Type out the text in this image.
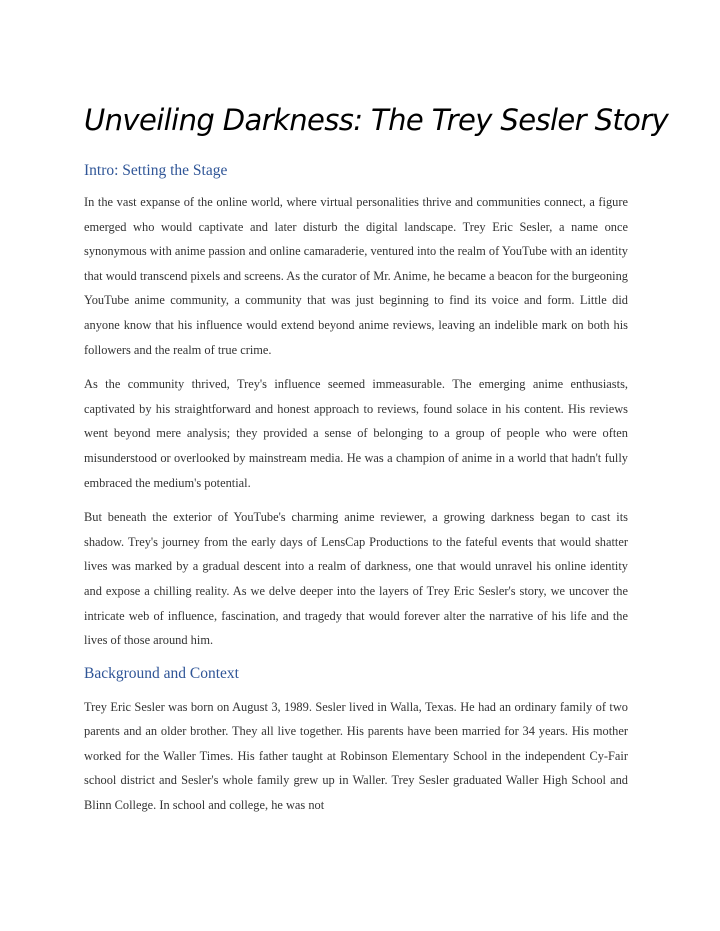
Unveiling Darkness: The Trey Sesler Story
Intro: Setting the Stage

In the vast expanse of the online world, where virtual personalities thrive and communities connect, a figure emerged who would captivate and later disturb the digital landscape. Trey Eric Sesler, a name once synonymous with anime passion and online camaraderie, ventured into the realm of YouTube with an identity that would transcend pixels and screens. As the curator of Mr. Anime, he became a beacon for the burgeoning YouTube anime community, a community that was just beginning to find its voice and form. Little did anyone know that his influence would extend beyond anime reviews, leaving an indelible mark on both his followers and the realm of true crime.

As the community thrived, Trey's influence seemed immeasurable. The emerging anime enthusiasts, captivated by his straightforward and honest approach to reviews, found solace in his content. His reviews went beyond mere analysis; they provided a sense of belonging to a group of people who were often misunderstood or overlooked by mainstream media. He was a champion of anime in a world that hadn't fully embraced the medium's potential.

But beneath the exterior of YouTube's charming anime reviewer, a growing darkness began to cast its shadow. Trey's journey from the early days of LensCap Productions to the fateful events that would shatter lives was marked by a gradual descent into a realm of darkness, one that would unravel his online identity and expose a chilling reality. As we delve deeper into the layers of Trey Eric Sesler's story, we uncover the intricate web of influence, fascination, and tragedy that would forever alter the narrative of his life and the lives of those around him.

Background and Context

Trey Eric Sesler was born on August 3, 1989. Sesler lived in Walla, Texas. He had an ordinary family of two parents and an older brother. They all live together. His parents have been married for 34 years. His mother worked for the Waller Times. His father taught at Robinson Elementary School in the independent Cy-Fair school district and Sesler's whole family grew up in Waller. Trey Sesler graduated Waller High School and Blinn College. In school and college, he was not
